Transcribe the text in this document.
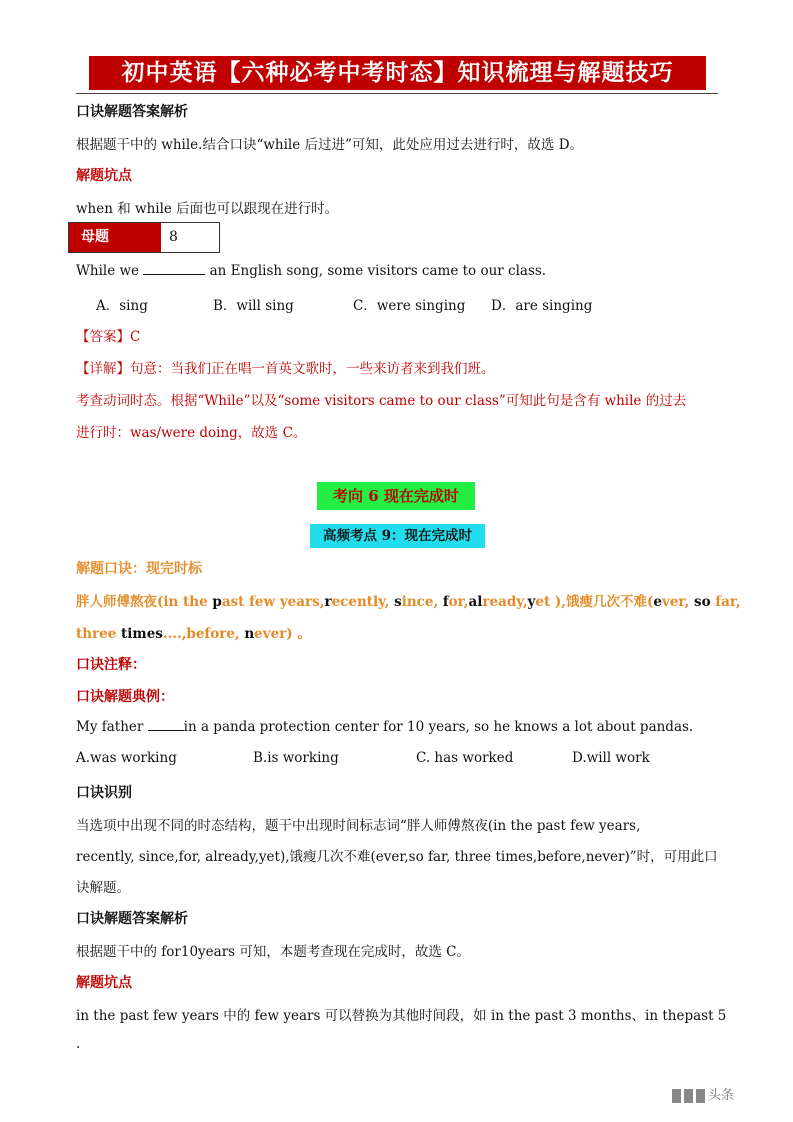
初中英语【六种必考中考时态】知识梳理与解题技巧
口诀解题答案解析
根据题干中的 while.结合口诀“while 后过进”可知，此处应用过去进行时，故选 D。
解题坑点
when 和 while 后面也可以跟现在进行时。
母题	8
While we	an English song, some visitors came to our class.
A．sing	B．will sing	C．were singing D．are singing
【答案】C
【详解】句意：当我们正在唱一首英文歌时，一些来访者来到我们班。
考查动词时态。根据“While”以及“some visitors came to our class”可知此句是含有 while 的过去
进行时：was/were doing，故选 C。
考向 6 现在完成时
高频考点 9：现在完成时
解题口诀：现完时标
胖人师傅熬夜(in the past few years,recently, since, for,already,yet ),饿瘦几次不难(ever, so far,
three times....,before, never) 。
口诀注释：
口诀解题典例：
My father	in a panda protection center for 10 years, so he knows a lot about pandas.
A.was working	B.is working	C. has worked	D.will work
口诀识别
当选项中出现不同的时态结构，题干中出现时间标志词“胖人师傅熬夜(in the past few years,
recently, since,for, already,yet),饿瘦几次不难(ever,so far, three times,before,never)”时，可用此口
诀解题。
口诀解题答案解析
根据题干中的 for10years 可知，本题考查现在完成时，故选 C。
解题坑点
in the past few years 中的 few years 可以替换为其他时间段，如 in the past 3 months、in thepast 5
.
头条
